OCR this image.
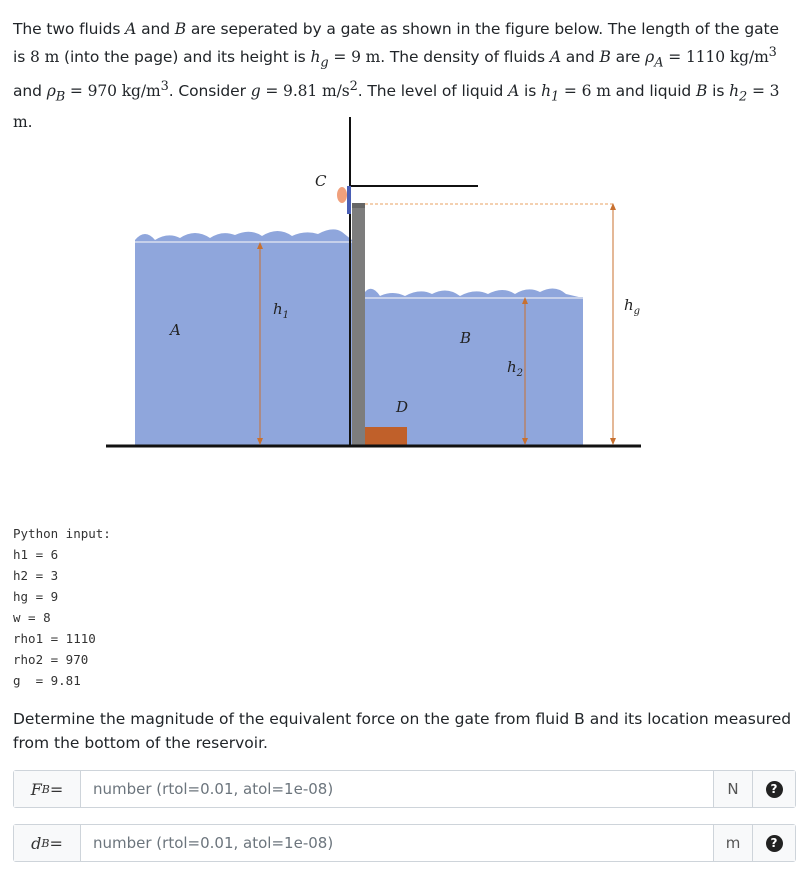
The two fluids A and B are seperated by a gate as shown in the figure below. The length of the gate is 8 m (into the page) and its height is $h_g = 9$ m. The density of fluids A and B are $\rho_A = 1110$ $kg/m^3$ and $\rho_B = 970$ $kg/m^3$. Consider g = 9.81 $m/s^2$. The level of liquid A is $h_1 = 6$ m and liquid B is $h_2 = 3$ m.
A	B
C
D
$h_1$
$h_2$
$h_g$
Python input:
h1 = 6
h2 = 3
hg = 9
w = 8
rho1 = 1110
rho2 = 970
g  = 9.81
Determine the magnitude of the equivalent force on the gate from fluid B and its location measured from the bottom of the reservoir.
F B =
number (rtol=0.01, atol=1e-08)	N	?
d B =
number (rtol=0.01, atol=1e-08)	m	?
